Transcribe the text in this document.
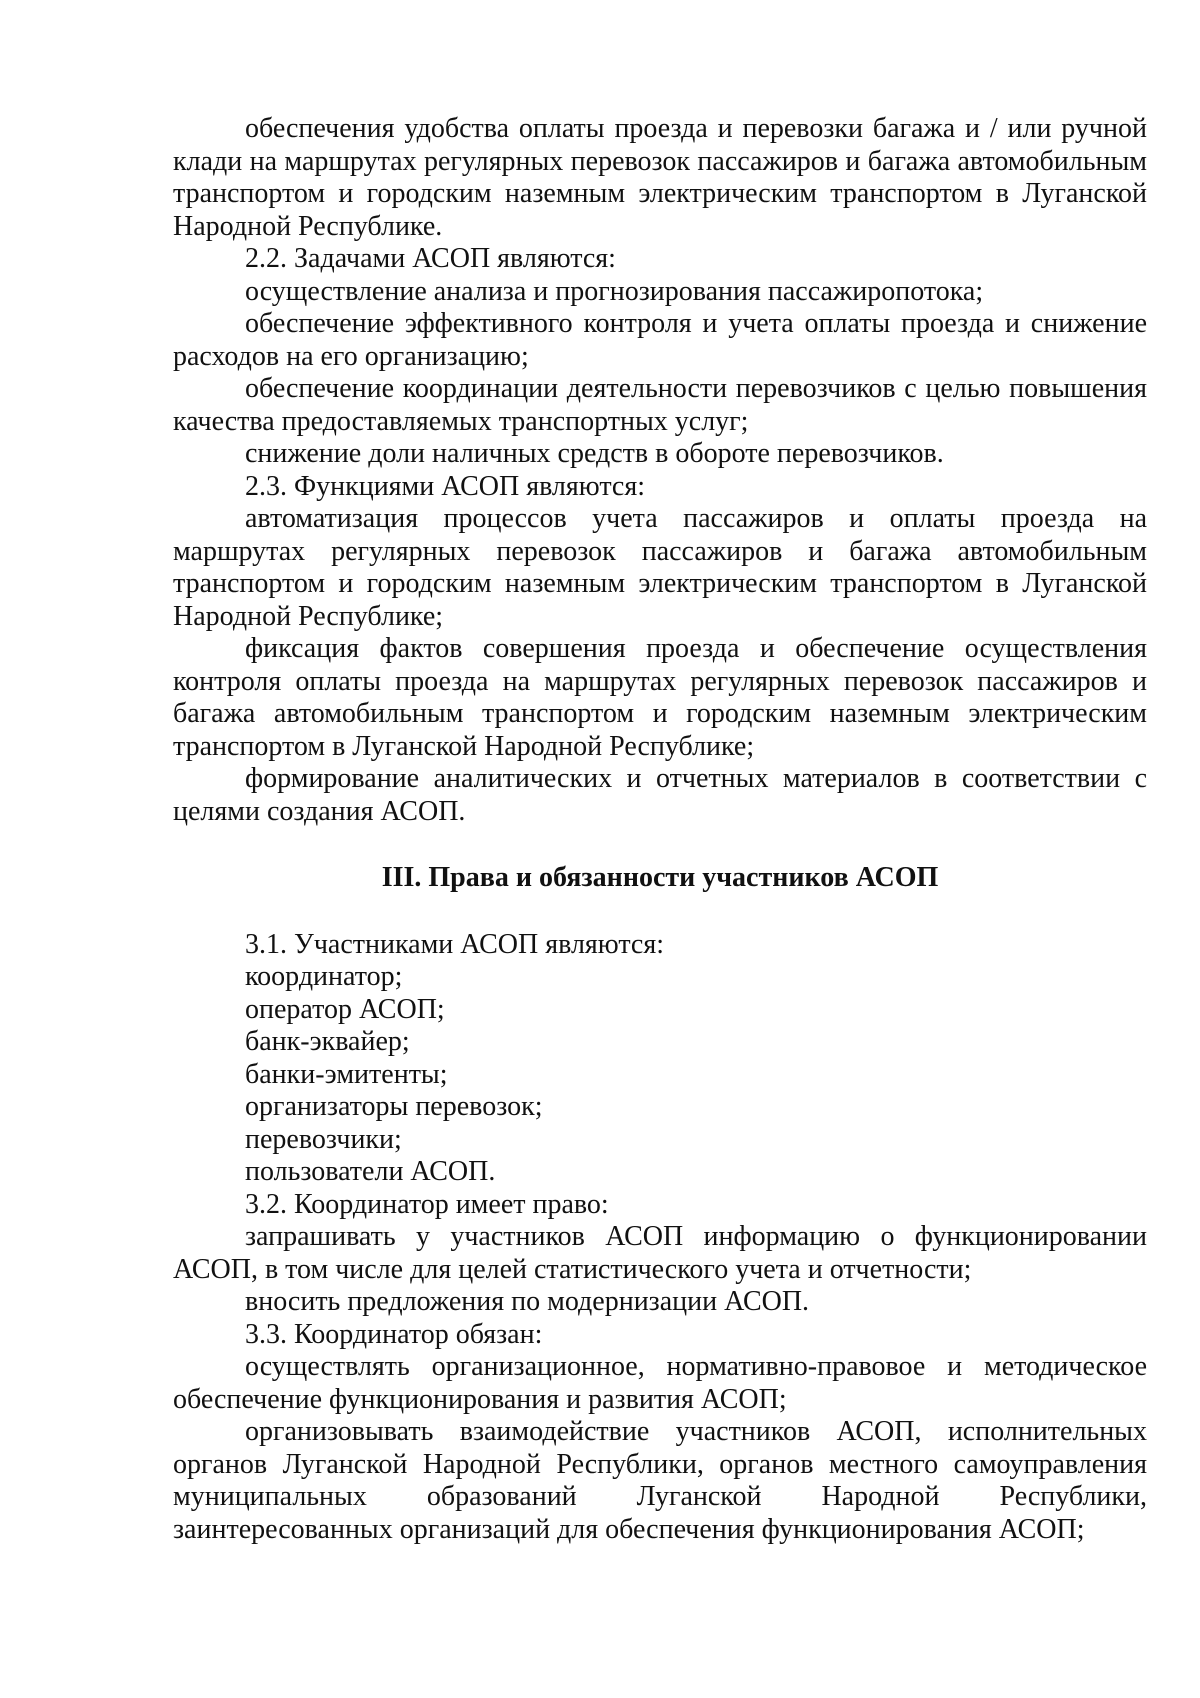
обеспечения удобства оплаты проезда и перевозки багажа и / или ручной клади на маршрутах регулярных перевозок пассажиров и багажа автомобильным транспортом и городским наземным электрическим транспортом в Луганской Народной Республике.

2.2. Задачами АСОП являются:

осуществление анализа и прогнозирования пассажиропотока;

обеспечение эффективного контроля и учета оплаты проезда и снижение расходов на его организацию;

обеспечение координации деятельности перевозчиков с целью повышения качества предоставляемых транспортных услуг;

снижение доли наличных средств в обороте перевозчиков.

2.3. Функциями АСОП являются:

автоматизация процессов учета пассажиров и оплаты проезда на маршрутах регулярных перевозок пассажиров и багажа автомобильным транспортом и городским наземным электрическим транспортом в Луганской Народной Республике;

фиксация фактов совершения проезда и обеспечение осуществления контроля оплаты проезда на маршрутах регулярных перевозок пассажиров и багажа автомобильным транспортом и городским наземным электрическим транспортом в Луганской Народной Республике;

формирование аналитических и отчетных материалов в соответствии с целями создания АСОП.

III. Права и обязанности участников АСОП

3.1. Участниками АСОП являются:

координатор;

оператор АСОП;

банк-эквайер;

банки-эмитенты;

организаторы перевозок;

перевозчики;

пользователи АСОП.

3.2. Координатор имеет право:

запрашивать у участников АСОП информацию о функционировании АСОП, в том числе для целей статистического учета и отчетности;

вносить предложения по модернизации АСОП.

3.3. Координатор обязан:

осуществлять организационное, нормативно-правовое и методическое обеспечение функционирования и развития АСОП;

организовывать взаимодействие участников АСОП, исполнительных органов Луганской Народной Республики, органов местного самоуправления муниципальных образований Луганской Народной Республики, заинтересованных организаций для обеспечения функционирования АСОП;
